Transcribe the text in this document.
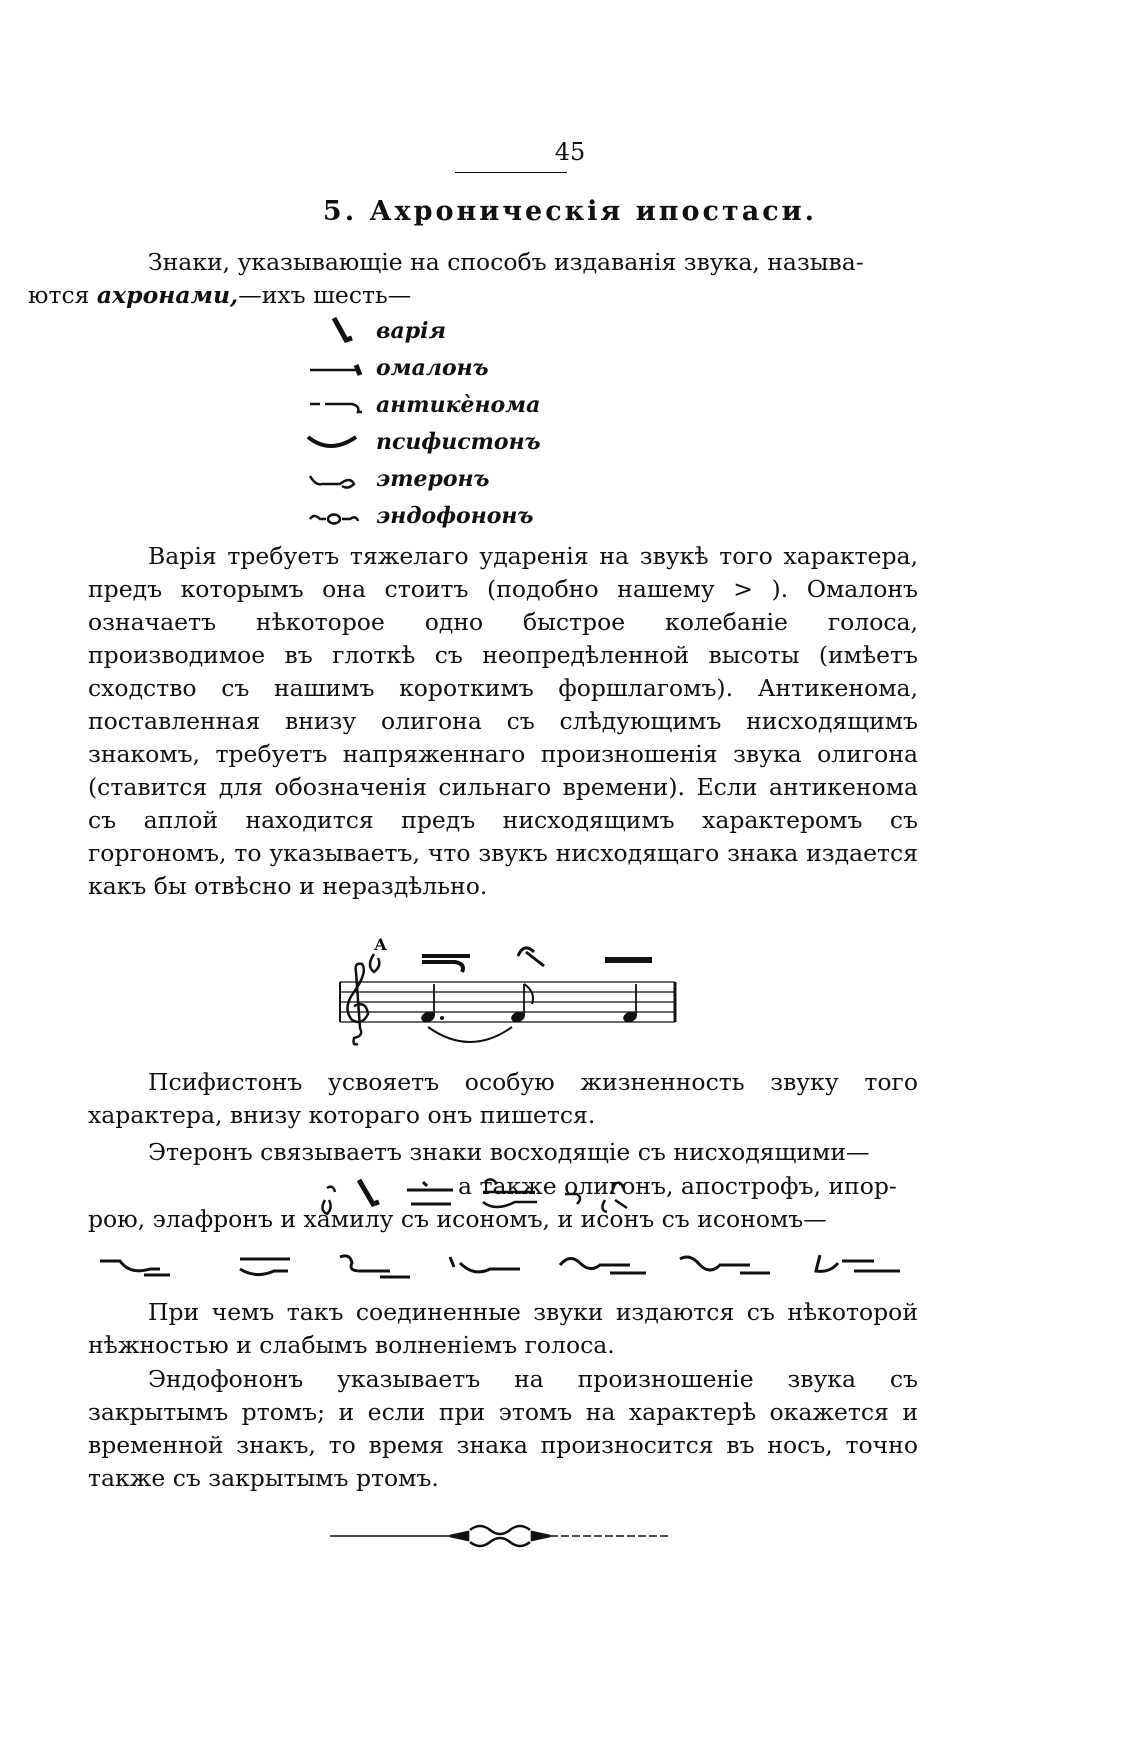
45
5. Ахроническія ипостаси.
Знаки, указывающіе на способъ издаванія звука, называ-
ются ахронами,—ихъ шесть—
варія
омалонъ
антикѐнома
псифистонъ
этеронъ
эндофононъ
Варія требуетъ тяжелаго ударенія на звукѣ того характера, предъ которымъ она стоитъ (подобно нашему > ). Омалонъ означаетъ нѣкоторое одно быстрое колебаніе голоса, производимое въ глоткѣ съ неопредѣленной высоты (имѣетъ сходство съ нашимъ короткимъ форшлагомъ). Антикенома, поставленная внизу олигона съ слѣдующимъ нисходящимъ знакомъ, требуетъ напряженнаго произношенія звука олигона (ставится для обозначенія сильнаго времени). Если антикенома съ аплой находится предъ нисходящимъ характеромъ съ горгономъ, то указываетъ, что звукъ нисходящаго знака издается какъ бы отвѣсно и нераздѣльно.
А
Псифистонъ усвояетъ особую жизненность звуку того характера, внизу котораго онъ пишется.
Этеронъ связываетъ знаки восходящіе съ нисходящими—
а также олигонъ, апострофъ, ипор-
рою, элафронъ и хамилу съ исономъ, и исонъ съ исономъ—
При чемъ такъ соединенные звуки издаются съ нѣкоторой нѣжностью и слабымъ волненіемъ голоса.
Эндофононъ указываетъ на произношеніе звука съ закрытымъ ртомъ; и если при этомъ на характерѣ окажется и временной знакъ, то время знака произносится въ носъ, точно также съ закрытымъ ртомъ.
